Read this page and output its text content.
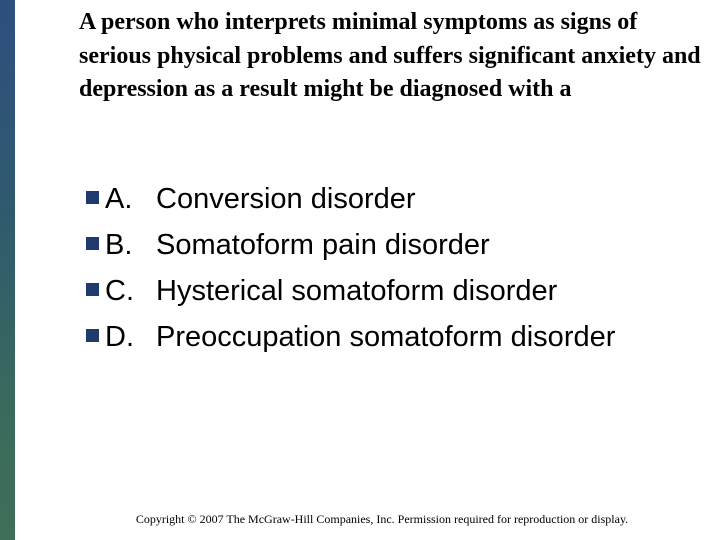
A person who interprets minimal symptoms as signs of serious physical problems and suffers significant anxiety and depression as a result might be diagnosed with a
A. Conversion disorder
B. Somatoform pain disorder
C. Hysterical somatoform disorder
D. Preoccupation somatoform disorder
Copyright © 2007 The McGraw-Hill Companies, Inc. Permission required for reproduction or display.
